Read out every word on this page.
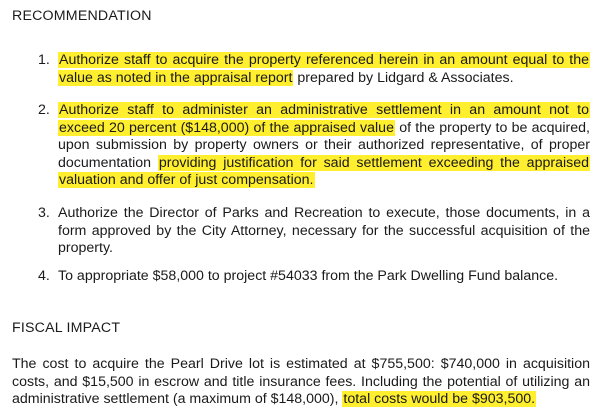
RECOMMENDATION
1. Authorize staff to acquire the property referenced herein in an amount equal to the value as noted in the appraisal report prepared by Lidgard & Associates.
2. Authorize staff to administer an administrative settlement in an amount not to exceed 20 percent ($148,000) of the appraised value of the property to be acquired, upon submission by property owners or their authorized representative, of proper documentation providing justification for said settlement exceeding the appraised valuation and offer of just compensation.
3. Authorize the Director of Parks and Recreation to execute, those documents, in a form approved by the City Attorney, necessary for the successful acquisition of the property.
4. To appropriate $58,000 to project #54033 from the Park Dwelling Fund balance.
FISCAL IMPACT

The cost to acquire the Pearl Drive lot is estimated at $755,500: $740,000 in acquisition costs, and $15,500 in escrow and title insurance fees. Including the potential of utilizing an administrative settlement (a maximum of $148,000), total costs would be $903,500.
